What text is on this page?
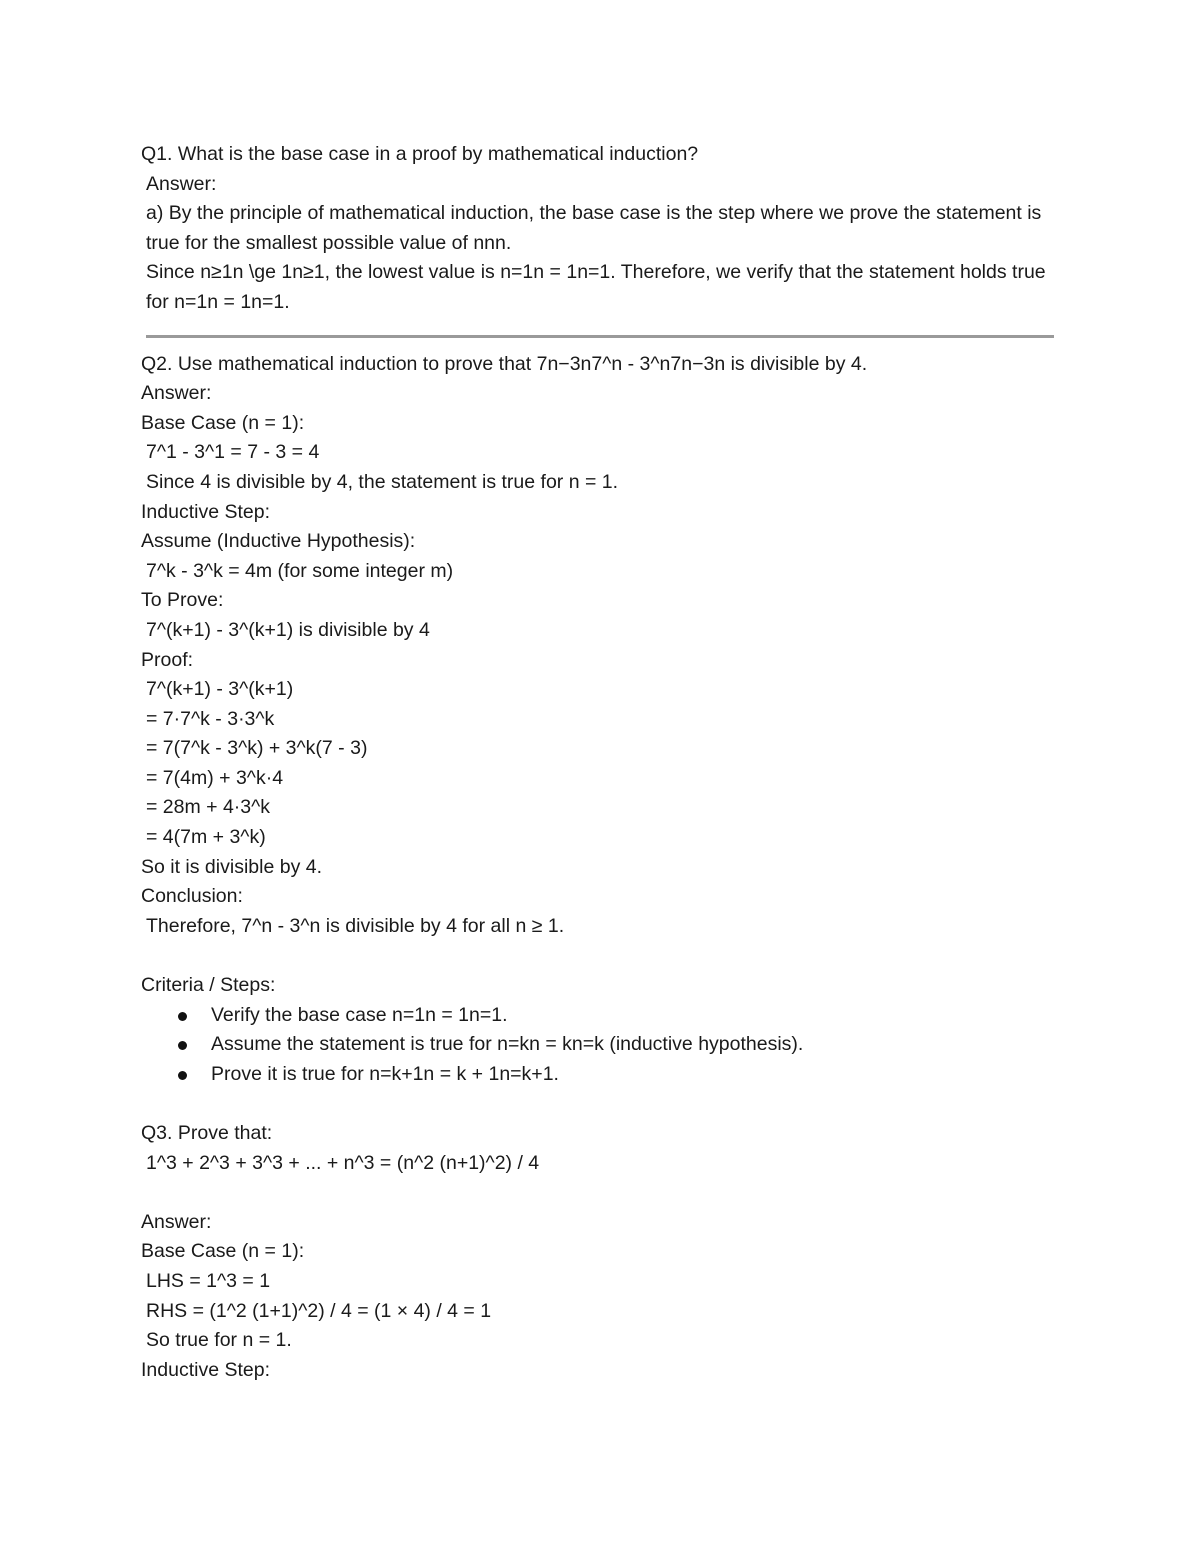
Q1. What is the base case in a proof by mathematical induction?
Answer:
a) By the principle of mathematical induction, the base case is the step where we prove the statement is true for the smallest possible value of nnn.
Since n≥1n \ge 1n≥1, the lowest value is n=1n = 1n=1. Therefore, we verify that the statement holds true for n=1n = 1n=1.
Q2. Use mathematical induction to prove that 7n−3n7^n - 3^n7n−3n is divisible by 4.
Answer:
Base Case (n = 1):
7^1 - 3^1 = 7 - 3 = 4
Since 4 is divisible by 4, the statement is true for n = 1.
Inductive Step:
Assume (Inductive Hypothesis):
7^k - 3^k = 4m (for some integer m)
To Prove:
7^(k+1) - 3^(k+1) is divisible by 4
Proof:
7^(k+1) - 3^(k+1)
= 7·7^k - 3·3^k
= 7(7^k - 3^k) + 3^k(7 - 3)
= 7(4m) + 3^k·4
= 28m + 4·3^k
= 4(7m + 3^k)
So it is divisible by 4.
Conclusion:
Therefore, 7^n - 3^n is divisible by 4 for all n ≥ 1.
Criteria / Steps:
Verify the base case n=1n = 1n=1.
Assume the statement is true for n=kn = kn=k (inductive hypothesis).
Prove it is true for n=k+1n = k + 1n=k+1.
Q3. Prove that:
1^3 + 2^3 + 3^3 + ... + n^3 = (n^2 (n+1)^2) / 4
Answer:
Base Case (n = 1):
LHS = 1^3 = 1
RHS = (1^2 (1+1)^2) / 4 = (1 × 4) / 4 = 1
So true for n = 1.
Inductive Step:
